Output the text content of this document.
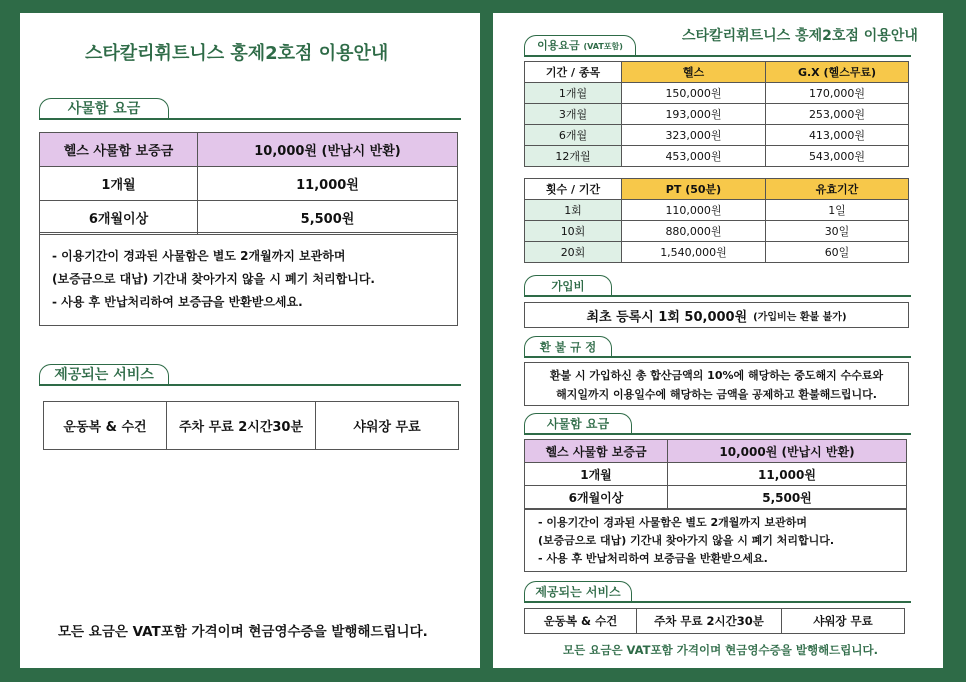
스타칼리휘트니스 홍제2호점 이용안내
사물함 요금
헬스 사물함 보증금	10,000원 (반납시 반환)
1개월	11,000원
6개월이상	5,500원
- 이용기간이 경과된 사물함은 별도 2개월까지 보관하며
(보증금으로 대납) 기간내 찾아가지 않을 시 폐기 처리합니다.
- 사용 후 반납처리하여 보증금을 반환받으세요.
제공되는 서비스
운동복 & 수건	주차 무료 2시간30분	샤워장 무료
모든 요금은 VAT포함 가격이며 현금영수증을 발행해드립니다.
스타칼리휘트니스 홍제2호점 이용안내
이용요금 (VAT포함)
기간 / 종목	헬스	G.X (헬스무료)
1개월	150,000원	170,000원
3개월	193,000원	253,000원
6개월	323,000원	413,000원
12개월	453,000원	543,000원
횟수 / 기간	PT (50분)	유효기간
1회	110,000원	1일
10회	880,000원	30일
20회	1,540,000원	60일
가입비
최초 등록시 1회 50,000원 (가입비는 환불 불가)
환 불 규 정
환불 시 가입하신 총 합산금액의 10%에 해당하는 중도해지 수수료와
해지일까지 이용일수에 해당하는 금액을 공제하고 환불해드립니다.
사물함 요금
헬스 사물함 보증금	10,000원 (반납시 반환)
1개월	11,000원
6개월이상	5,500원
- 이용기간이 경과된 사물함은 별도 2개월까지 보관하며
(보증금으로 대납) 기간내 찾아가지 않을 시 폐기 처리합니다.
- 사용 후 반납처리하여 보증금을 반환받으세요.
제공되는 서비스
운동복 & 수건	주차 무료 2시간30분	샤워장 무료
모든 요금은 VAT포함 가격이며 현금영수증을 발행해드립니다.
